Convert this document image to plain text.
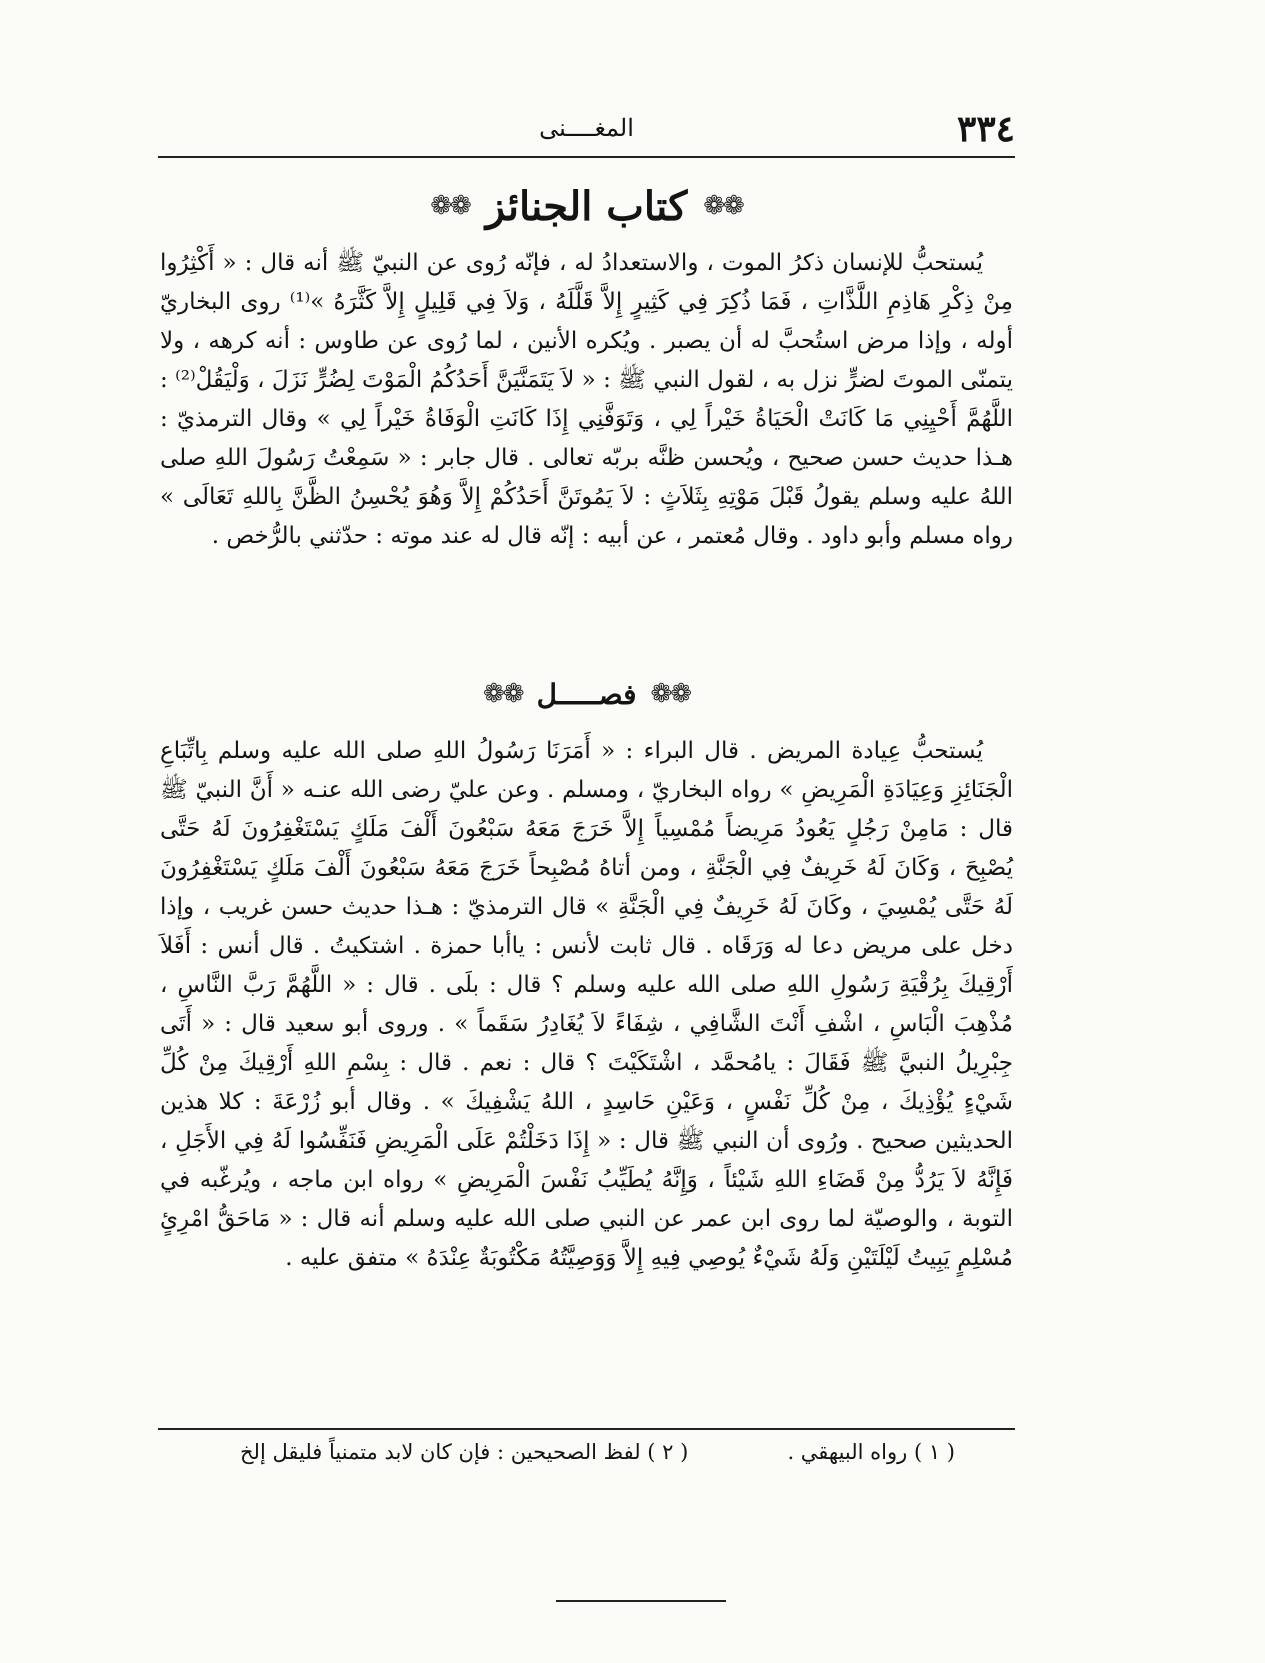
٣٣٤
المغــــنى
❁❁
كتاب الجنائز
❁❁

يُستحبُّ للإنسان ذكرُ الموت ، والاستعدادُ له ، فإنّه رُوى عن النبيّ ﷺ أنه قال : « أَكْثِرُوا مِنْ ذِكْرِ هَاذِمِ اللَّذَّاتِ ، فَمَا ذُكِرَ فِي كَثِيرٍ إِلاَّ قَلَّلَهُ ، وَلاَ فِي قَلِيلٍ إِلاَّ كَثَّرَهُ »⁽¹⁾ روى البخاريّ أوله ، وإذا مرض استُحبَّ له أن يصبر . ويُكره الأنين ، لما رُوى عن طاوس : أنه كرهه ، ولا يتمنّى الموتَ لضرٍّ نزل به ، لقول النبي ﷺ : « لاَ يَتَمَنَّيَنَّ أَحَدُكُمُ الْمَوْتَ لِضُرٍّ نَزَلَ ، وَلْيَقُلْ⁽²⁾ : اللَّهُمَّ أَحْيِنِي مَا كَانَتْ الْحَيَاةُ خَيْراً لِي ، وَتَوَفَّنِي إِذَا كَانَتِ الْوَفَاةُ خَيْراً لِي » وقال الترمذيّ : هـذا حديث حسن صحيح ، ويُحسن ظنَّه بربّه تعالى . قال جابر : « سَمِعْتُ رَسُولَ اللهِ صلى اللهُ عليه وسلم يقولُ قَبْلَ مَوْتِهِ بِثَلاَثٍ : لاَ يَمُوتَنَّ أَحَدُكُمْ إِلاَّ وَهُوَ يُحْسِنُ الظَّنَّ بِاللهِ تَعَالَى » رواه مسلم وأبو داود . وقال مُعتمر ، عن أبيه : إنّه قال له عند موته : حدّثني بالرُّخص .

❁❁
فصـــــل
❁❁

يُستحبُّ عِيادة المريض . قال البراء : « أَمَرَنَا رَسُولُ اللهِ صلى الله عليه وسلم بِاتِّبَاعِ الْجَنَائِزِ وَعِيَادَةِ الْمَرِيضِ » رواه البخاريّ ، ومسلم . وعن عليّ رضى الله عنـه « أَنَّ النبيّ ﷺ قال : مَامِنْ رَجُلٍ يَعُودُ مَرِيضاً مُمْسِياً إِلاَّ خَرَجَ مَعَهُ سَبْعُونَ أَلْفَ مَلَكٍ يَسْتَغْفِرُونَ لَهُ حَتَّى يُصْبِحَ ، وَكَانَ لَهُ خَرِيفٌ فِي الْجَنَّةِ ، ومن أتاهُ مُصْبِحاً خَرَجَ مَعَهُ سَبْعُونَ أَلْفَ مَلَكٍ يَسْتَغْفِرُونَ لَهُ حَتَّى يُمْسِيَ ، وكَانَ لَهُ خَرِيفٌ فِي الْجَنَّةِ » قال الترمذيّ : هـذا حديث حسن غريب ، وإذا دخل على مريض دعا له وَرَقَاه . قال ثابت لأنس : ياأبا حمزة . اشتكيتُ . قال أنس : أَفَلاَ أَرْقِيكَ بِرُقْيَةِ رَسُولِ اللهِ صلى الله عليه وسلم ؟ قال : بلَى . قال : « اللَّهُمَّ رَبَّ النَّاسِ ، مُذْهِبَ الْبَاسِ ، اشْفِ أَنْتَ الشَّافِي ، شِفَاءً لاَ يُغَادِرُ سَقَماً » . وروى أبو سعيد قال : « أَتَى جِبْرِيلُ النبيَّ ﷺ فَقَالَ : يامُحمَّد ، اشْتَكَيْتَ ؟ قال : نعم . قال : بِسْمِ اللهِ أَرْقِيكَ مِنْ كُلِّ شَيْءٍ يُؤْذِيكَ ، مِنْ كُلِّ نَفْسٍ ، وَعَيْنِ حَاسِدٍ ، اللهُ يَشْفِيكَ » . وقال أبو زُرْعَةَ : كلا هذين الحديثين صحيح . ورُوى أن النبي ﷺ قال : « إِذَا دَخَلْتُمْ عَلَى الْمَرِيضِ فَنَفِّسُوا لَهُ فِي الأَجَلِ ، فَإِنَّهُ لاَ يَرُدُّ مِنْ قَضَاءِ اللهِ شَيْئاً ، وَإِنَّهُ يُطَيِّبُ نَفْسَ الْمَرِيضِ » رواه ابن ماجه ، ويُرغّبه في التوبة ، والوصيّة لما روى ابن عمر عن النبي صلى الله عليه وسلم أنه قال : « مَاحَقُّ امْرِئٍ مُسْلِمٍ يَبِيتُ لَيْلَتَيْنِ وَلَهُ شَيْءٌ يُوصِي فِيهِ إِلاَّ وَوَصِيَّتُهُ مَكْتُوبَةٌ عِنْدَهُ » متفق عليه .

( ١ ) رواه البيهقي .
( ٢ ) لفظ الصحيحين : فإن كان لابد متمنياً فليقل إلخ
